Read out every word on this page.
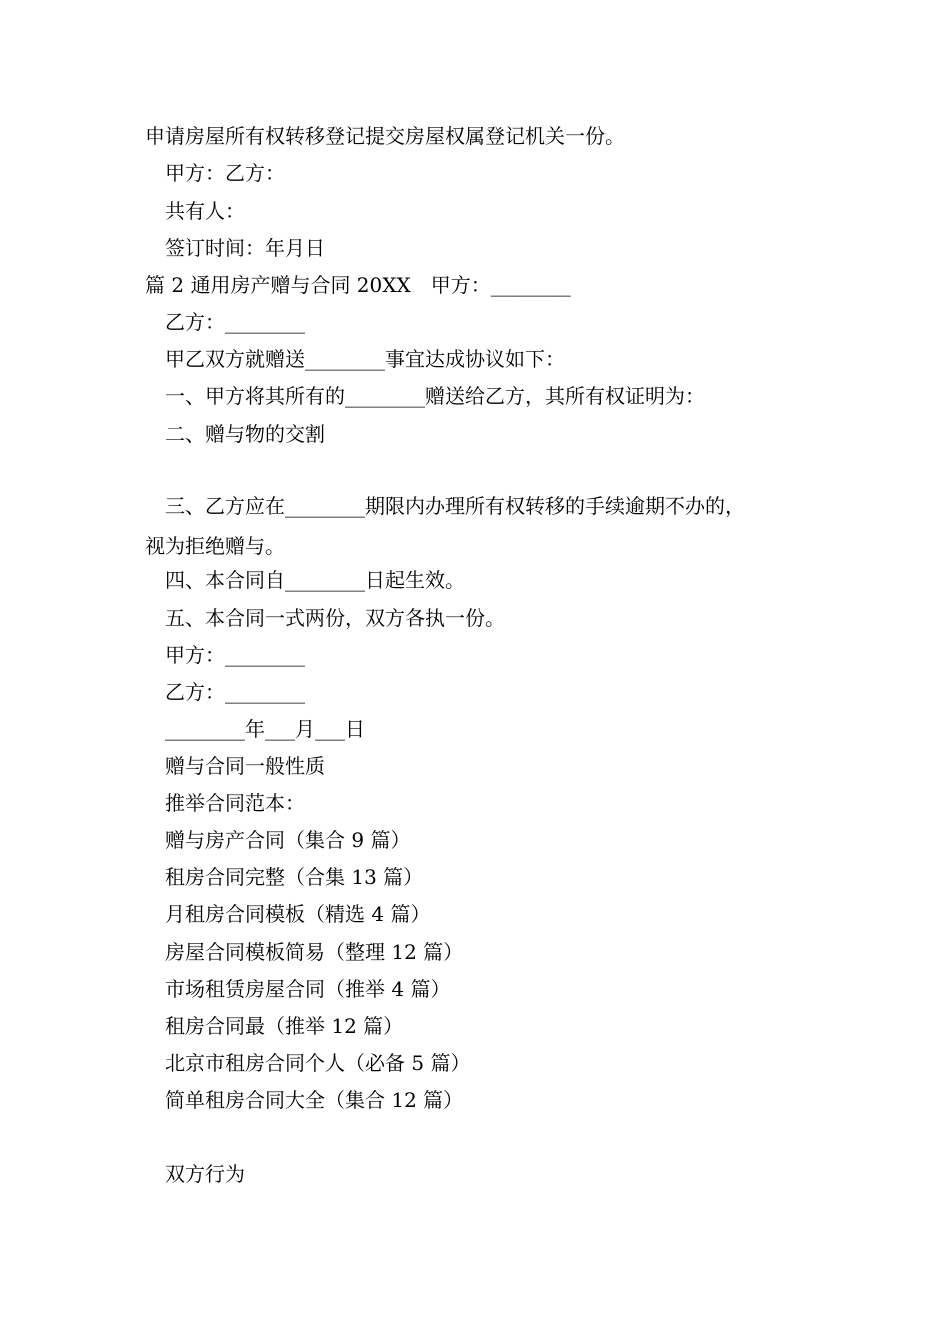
申请房屋所有权转移登记提交房屋权属登记机关一份。
甲方：乙方：
共有人：
签订时间：年月日
篇 2 通用房产赠与合同 20XX　甲方：________
乙方：________
甲乙双方就赠送________事宜达成协议如下：
一、甲方将其所有的________赠送给乙方，其所有权证明为：
二、赠与物的交割
三、乙方应在________期限内办理所有权转移的手续逾期不办的，
视为拒绝赠与。
四、本合同自________日起生效。
五、本合同一式两份，双方各执一份。
甲方：________
乙方：________
________年___月___日
赠与合同一般性质
推举合同范本：
赠与房产合同（集合 9 篇）
租房合同完整（合集 13 篇）
月租房合同模板（精选 4 篇）
房屋合同模板简易（整理 12 篇）
市场租赁房屋合同（推举 4 篇）
租房合同最（推举 12 篇）
北京市租房合同个人（必备 5 篇）
简单租房合同大全（集合 12 篇）
双方行为
